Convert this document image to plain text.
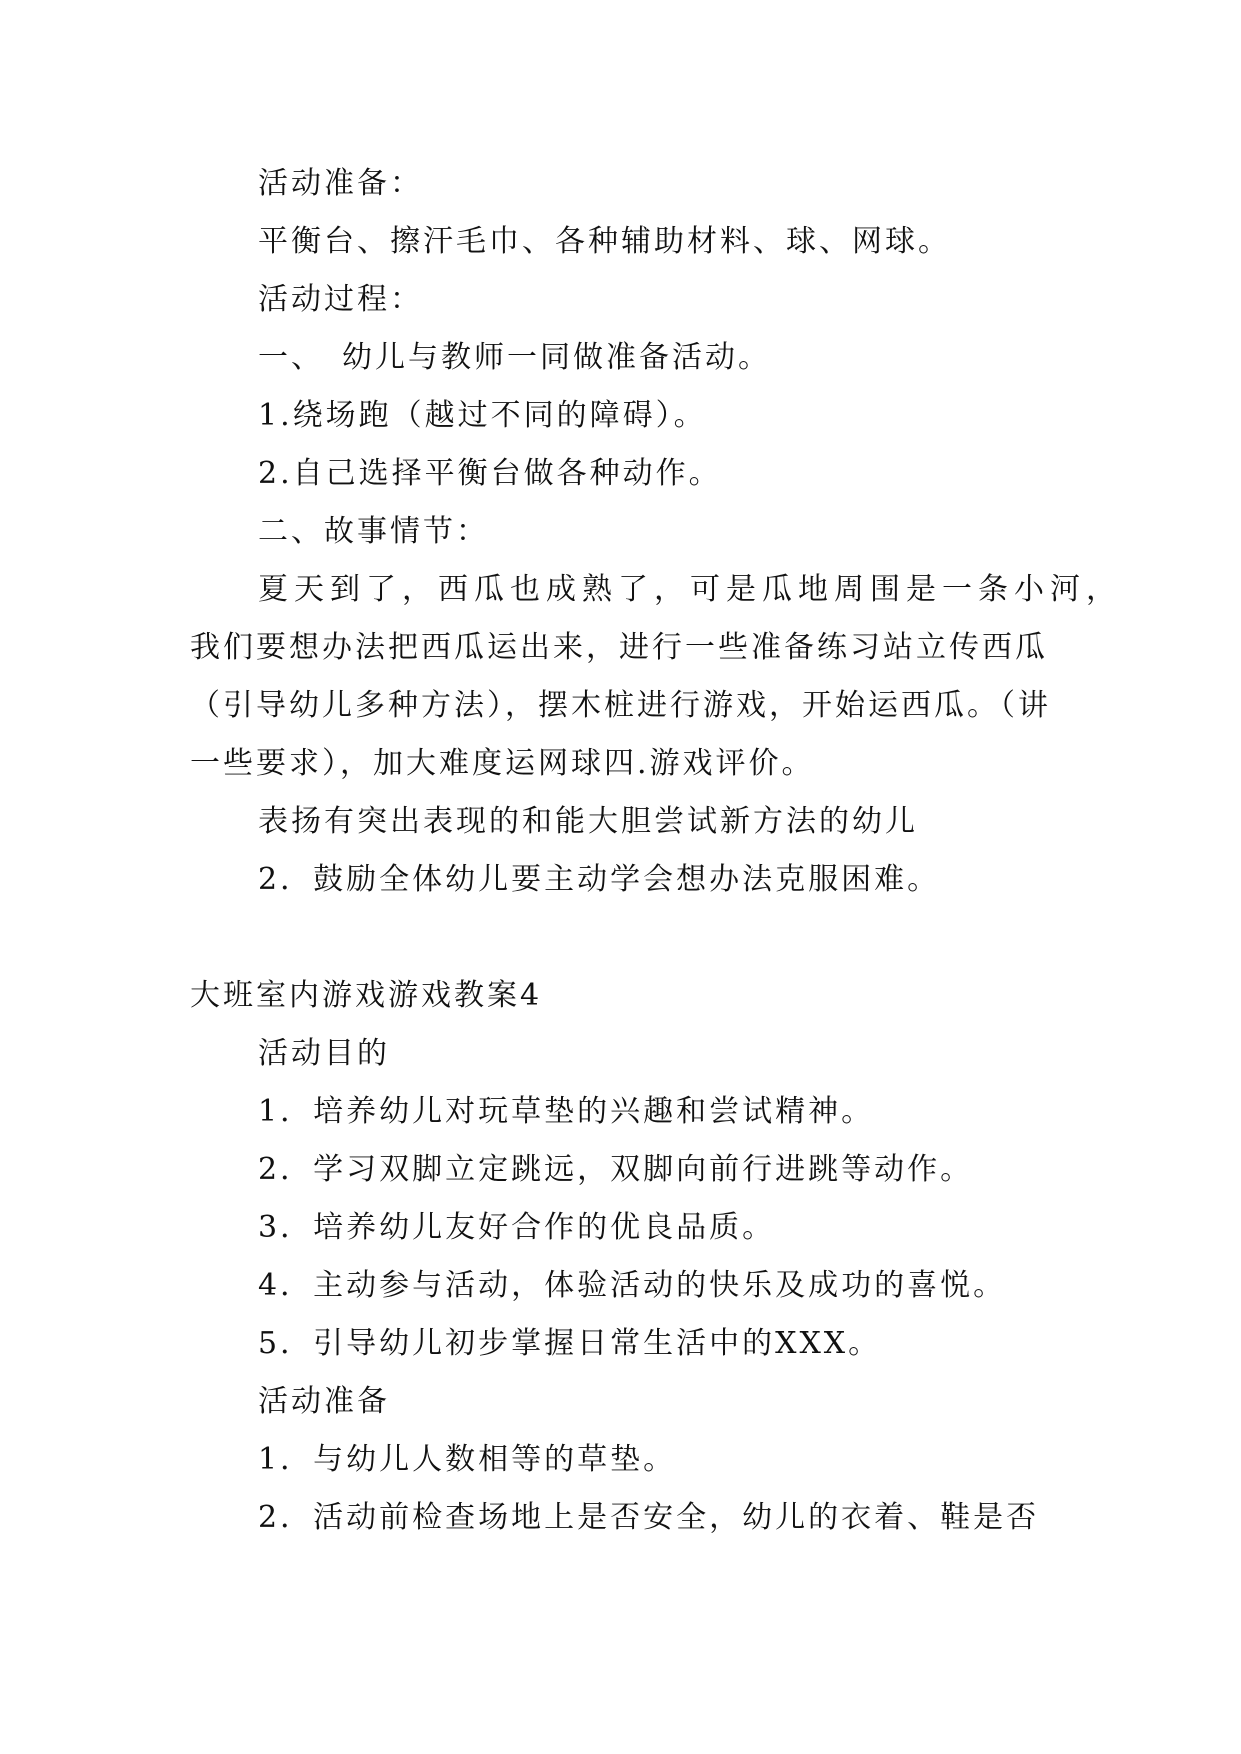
活动准备：
平衡台、擦汗毛巾、各种辅助材料、球、网球。
活动过程：
一、　幼儿与教师一同做准备活动。
1.绕场跑（越过不同的障碍）。
2.自己选择平衡台做各种动作。
二、故事情节：
夏天到了，西瓜也成熟了，可是瓜地周围是一条小河，
我们要想办法把西瓜运出来，进行一些准备练习站立传西瓜
（引导幼儿多种方法），摆木桩进行游戏，开始运西瓜。（讲
一些要求），加大难度运网球四.游戏评价。
表扬有突出表现的和能大胆尝试新方法的幼儿
2．鼓励全体幼儿要主动学会想办法克服困难。
大班室内游戏游戏教案4
活动目的
1．培养幼儿对玩草垫的兴趣和尝试精神。
2．学习双脚立定跳远，双脚向前行进跳等动作。
3．培养幼儿友好合作的优良品质。
4．主动参与活动，体验活动的快乐及成功的喜悦。
5．引导幼儿初步掌握日常生活中的XXX。
活动准备
1．与幼儿人数相等的草垫。
2．活动前检查场地上是否安全，幼儿的衣着、鞋是否
